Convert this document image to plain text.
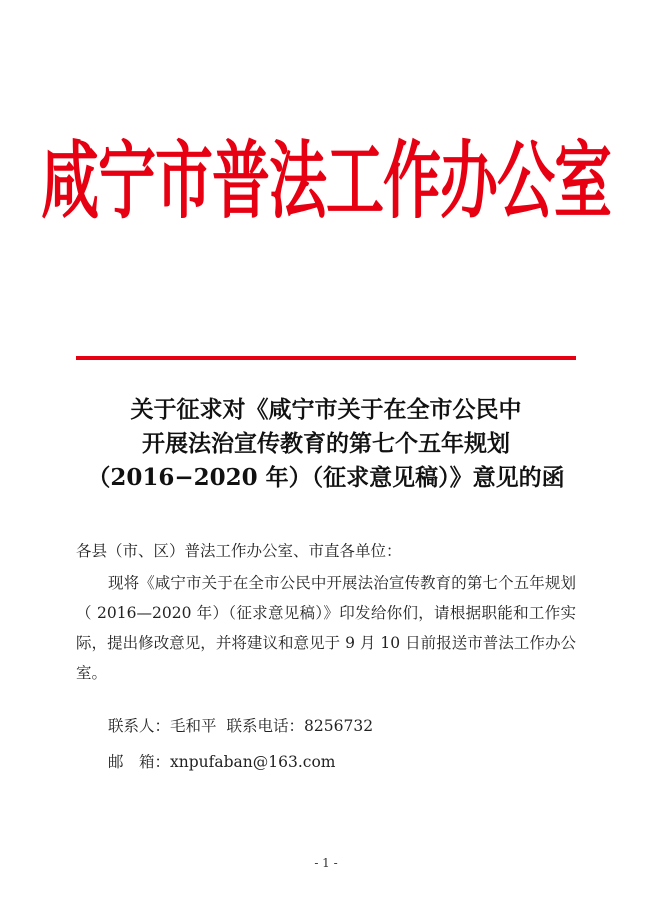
咸宁市普法工作办公室
关于征求对《咸宁市关于在全市公民中
开展法治宣传教育的第七个五年规划
（2016−2020 年）（征求意见稿）》意见的函
各县（市、区）普法工作办公室、市直各单位：

现将《咸宁市关于在全市公民中开展法治宣传教育的第七个五年规划（ 2016—2020 年）（征求意见稿）》印发给你们，请根据职能和工作实际，提出修改意见，并将建议和意见于 9 月 10 日前报送市普法工作办公室。

联系人：毛和平 联系电话：8256732
邮　箱：xnpufaban@163.com
- 1 -
